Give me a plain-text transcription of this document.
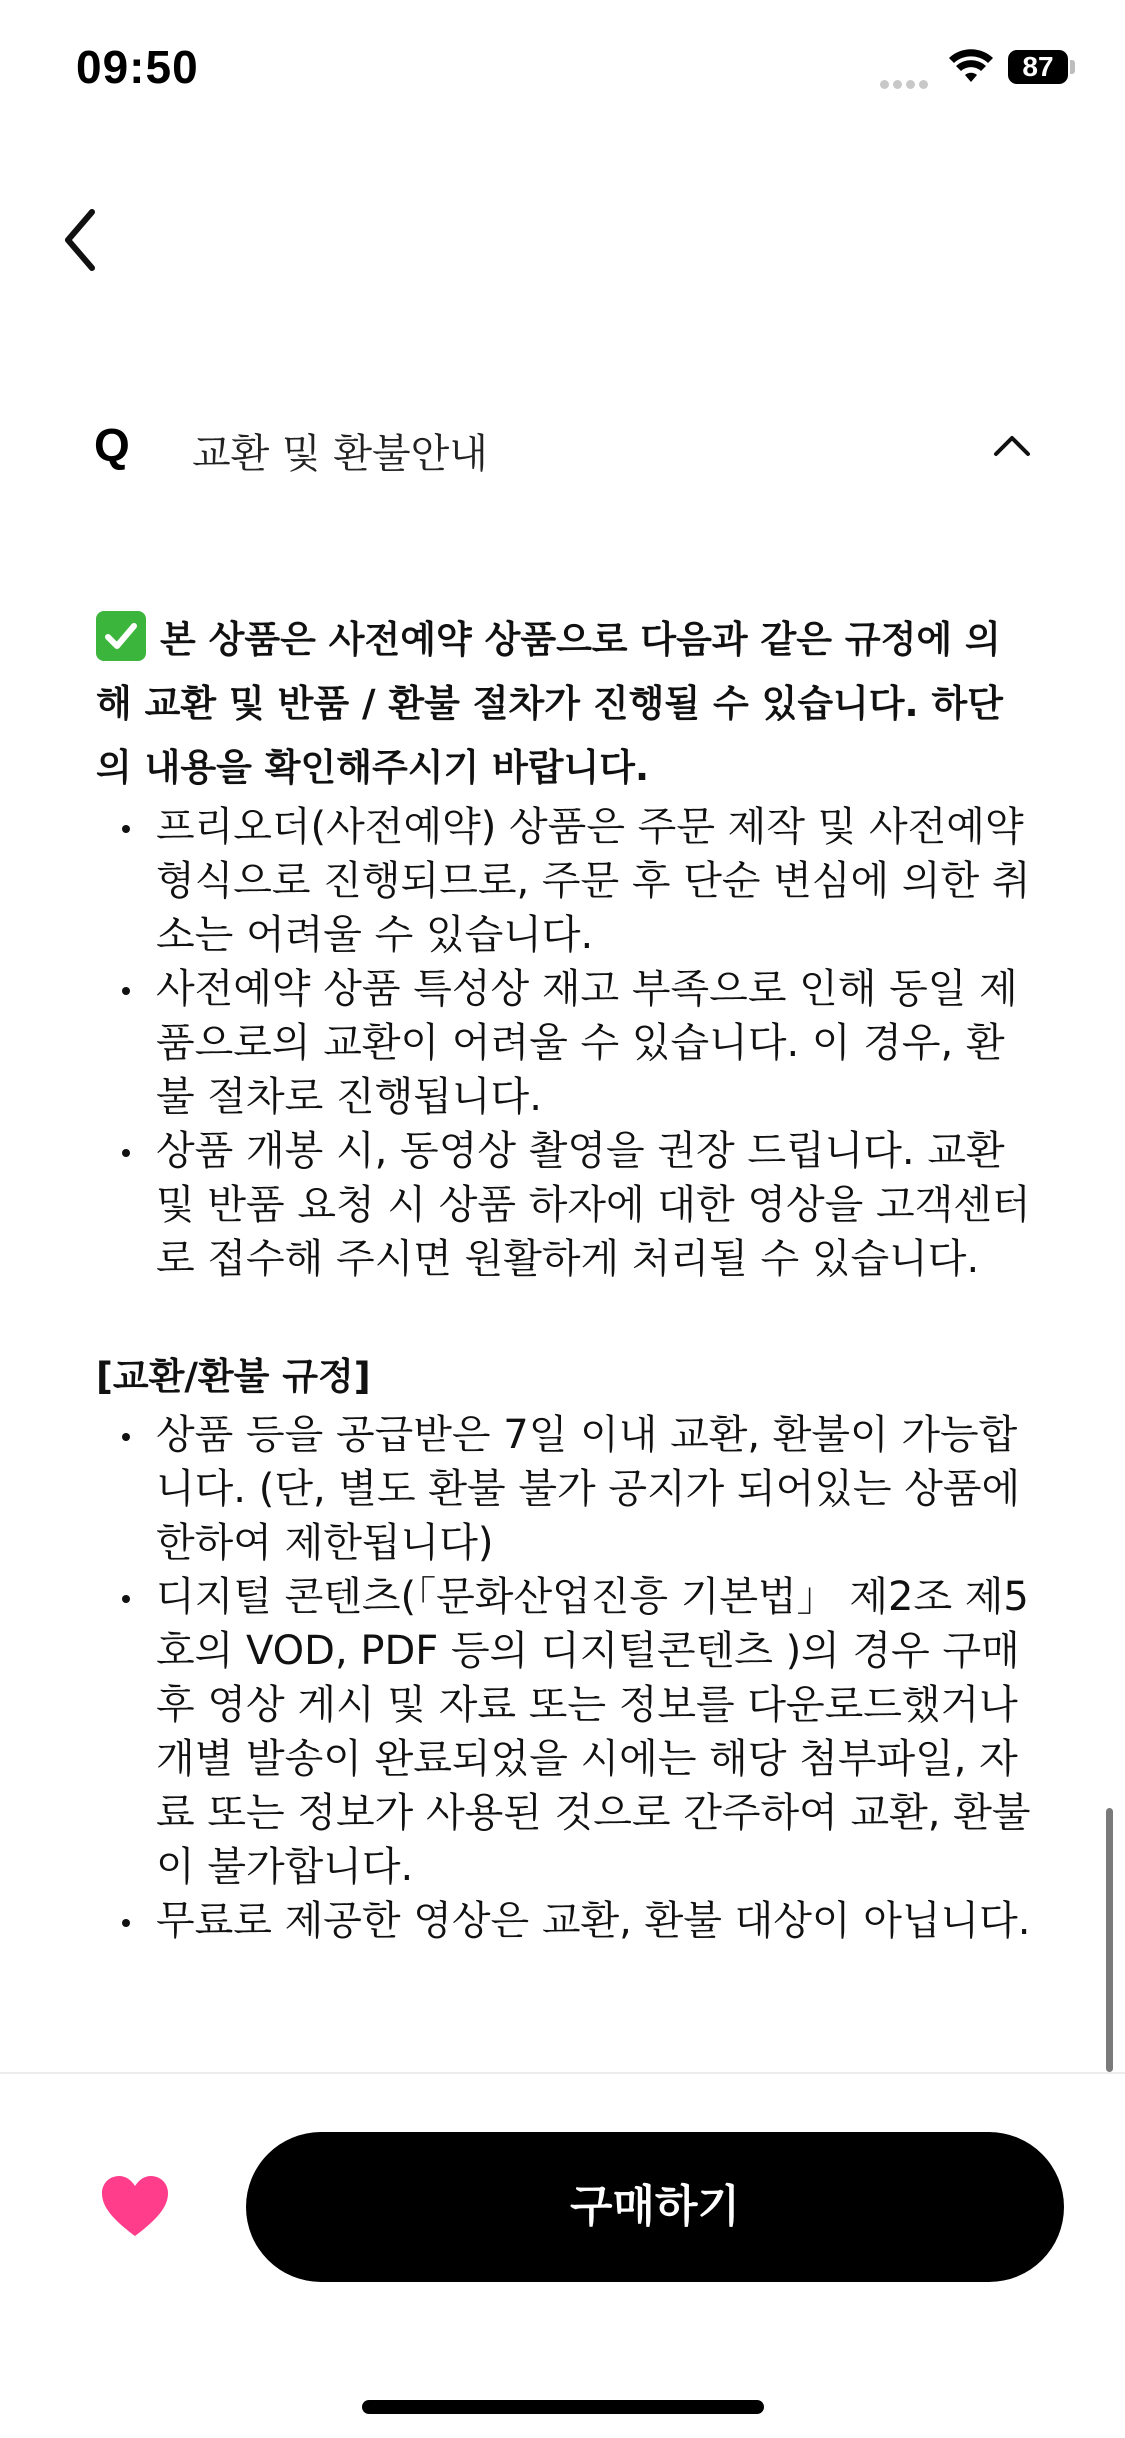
09:50	87
Q 교환 및 환불안내

본 상품은 사전예약 상품으로 다음과 같은 규정에 의해 교환 및 반품 / 환불 절차가 진행될 수 있습니다. 하단의 내용을 확인해주시기 바랍니다.

프리오더(사전예약) 상품은 주문 제작 및 사전예약 형식으로 진행되므로, 주문 후 단순 변심에 의한 취소는 어려울 수 있습니다.
사전예약 상품 특성상 재고 부족으로 인해 동일 제품으로의 교환이 어려울 수 있습니다. 이 경우, 환불 절차로 진행됩니다.
상품 개봉 시, 동영상 촬영을 권장 드립니다. 교환 및 반품 요청 시 상품 하자에 대한 영상을 고객센터로 접수해 주시면 원활하게 처리될 수 있습니다.

[교환/환불 규정]

상품 등을 공급받은 7일 이내 교환, 환불이 가능합니다. (단, 별도 환불 불가 공지가 되어있는 상품에 한하여 제한됩니다)
디지털 콘텐츠(「문화산업진흥 기본법」 제2조 제5호의 VOD, PDF 등의 디지털콘텐츠 )의 경우 구매 후 영상 게시 및 자료 또는 정보를 다운로드했거나 개별 발송이 완료되었을 시에는 해당 첨부파일, 자료 또는 정보가 사용된 것으로 간주하여 교환, 환불이 불가합니다.
무료로 제공한 영상은 교환, 환불 대상이 아닙니다.
구매하기
